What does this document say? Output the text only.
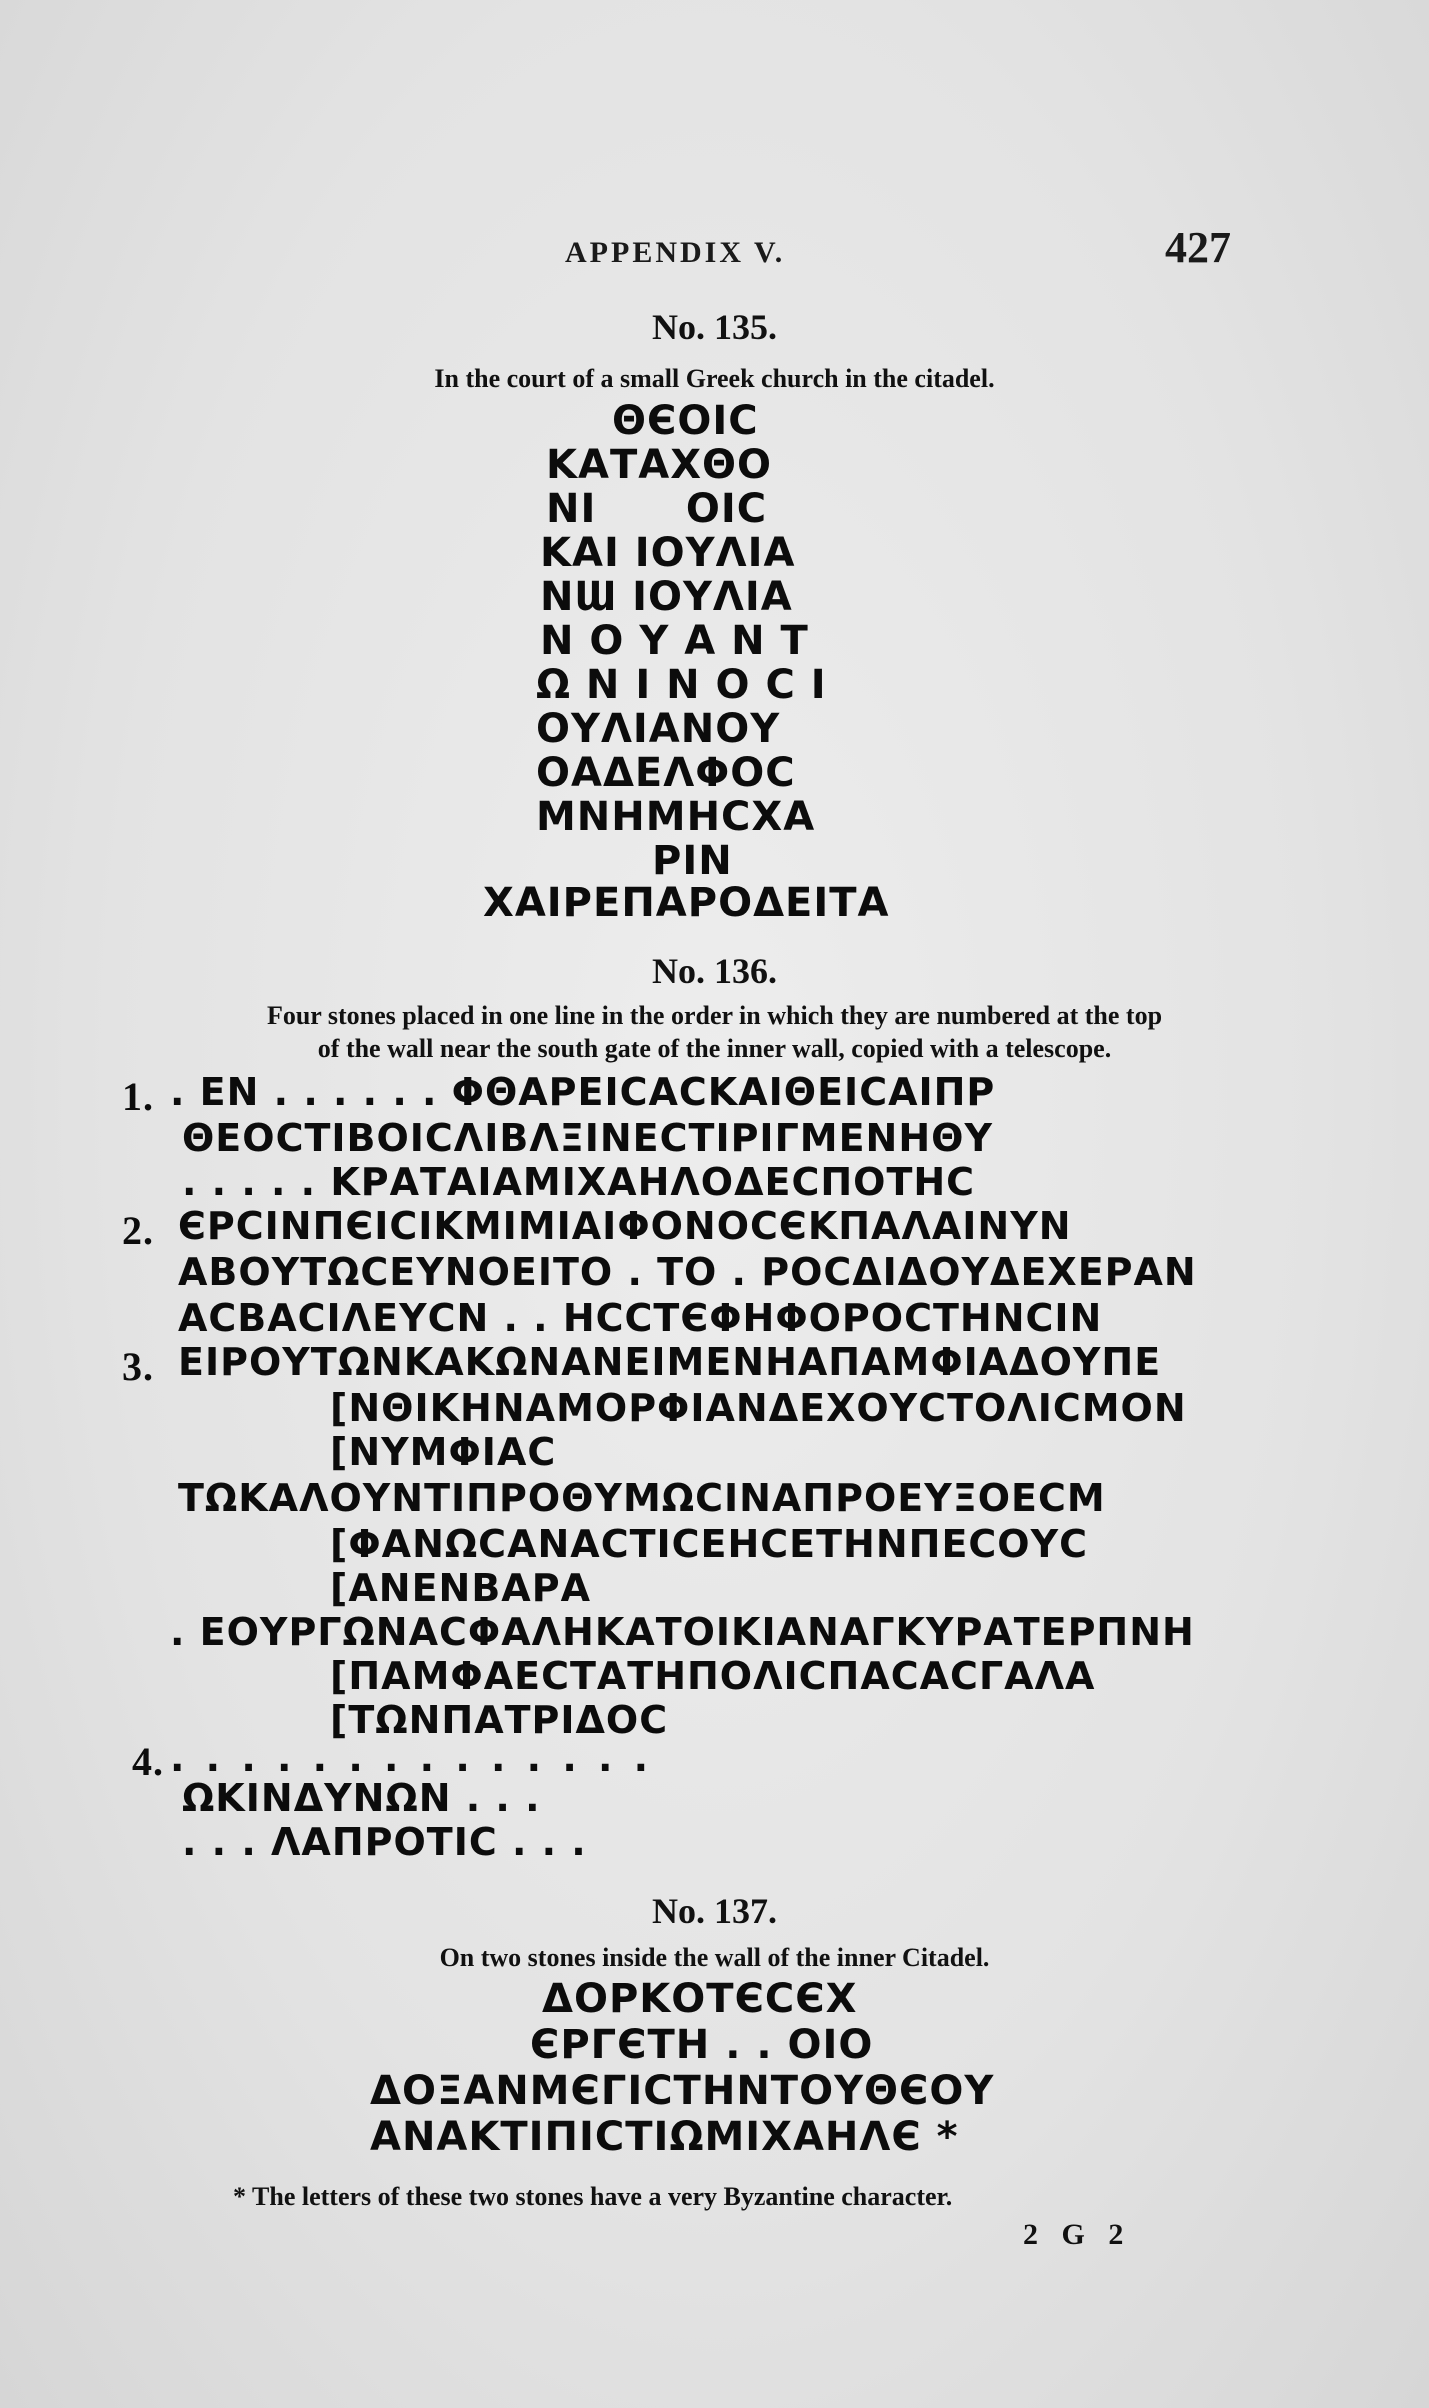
APPENDIX V.	427
No. 135.
In the court of a small Greek church in the citadel.
ΘЄΟΙϹ
ΚΑΤΑΧΘΟ
ΝΙ      ΟΙϹ
ΚΑΙ ΙΟΥΛΙΑ
ΝƜ ΙΟΥΛΙΑ
Ν Ο Υ Α Ν Τ
Ω Ν Ι Ν Ο Ϲ Ι
ΟΥΛΙΑΝΟΥ
ΟΑΔΕΛΦΟϹ
ΜΝΗΜΗϹΧΑ
ΡΙΝ
ΧΑΙΡΕΠΑΡΟΔΕΙΤΑ
No. 136.
Four stones placed in one line in the order in which they are numbered at the top
of the wall near the south gate of the inner wall, copied with a telescope.
1. . ΕΝ . . . . . . ΦΘΑΡΕΙϹΑϹΚΑΙΘΕΙϹΑΙΠΡ
ΘΕΟϹΤΙΒΟΙϹΛΙΒΛΞΙΝΕϹΤΙΡΙΓΜΕΝΗΘΥ
. . . . . ΚΡΑΤΑΙΑΜΙΧΑΗΛΟΔΕϹΠΟΤΗϹ
2. ЄΡϹΙΝΠЄΙϹΙΚΜΙΜΙΑΙΦΟΝΟϹЄΚΠΑΛΑΙΝΥΝ
ΑΒΟΥΤΩϹΕΥΝΟΕΙΤΟ . ΤΟ . ΡΟϹΔΙΔΟΥΔΕΧΕΡΑΝ
ΑϹΒΑϹΙΛΕΥϹΝ . . ΗϹϹΤЄΦΗΦΟΡΟϹΤΗΝϹΙΝ
3. ΕΙΡΟΥΤΩΝΚΑΚΩΝΑΝΕΙΜΕΝΗΑΠΑΜΦΙΑΔΟΥΠΕ
[ΝΘΙΚΗΝΑΜΟΡΦΙΑΝΔΕΧΟΥϹΤΟΛΙϹΜΟΝ
[ΝΥΜΦΙΑϹ
ΤΩΚΑΛΟΥΝΤΙΠΡΟΘΥΜΩϹΙΝΑΠΡΟΕΥΞΟΕϹΜ
[ΦΑΝΩϹΑΝΑϹΤΙϹΕΗϹΕΤΗΝΠΕϹΟΥϹ
[ΑΝΕΝΒΑΡΑ
. ΕΟΥΡΓΩΝΑϹΦΑΛΗΚΑΤΟΙΚΙΑΝΑΓΚΥΡΑΤΕΡΠΝΗ
[ΠΑΜΦΑΕϹΤΑΤΗΠΟΛΙϹΠΑϹΑϹΓΑΛΑ
[ΤΩΝΠΑΤΡΙΔΟϹ
4. . . . . . . . . . . . . . .
ΩΚΙΝΔΥΝΩΝ . . .
. . . ΛΑΠΡΟΤΙϹ . . .
No. 137.
On two stones inside the wall of the inner Citadel.
ΔΟΡΚΟΤЄϹЄΧ
ЄΡΓЄΤΗ . . ΟΙΟ
ΔΟΞΑΝΜЄΓΙϹΤΗΝΤΟΥΘЄΟΥ
ΑΝΑΚΤΙΠΙϹΤΙΩΜΙΧΑΗΛЄ *
* The letters of these two stones have a very Byzantine character.
2 G 2
